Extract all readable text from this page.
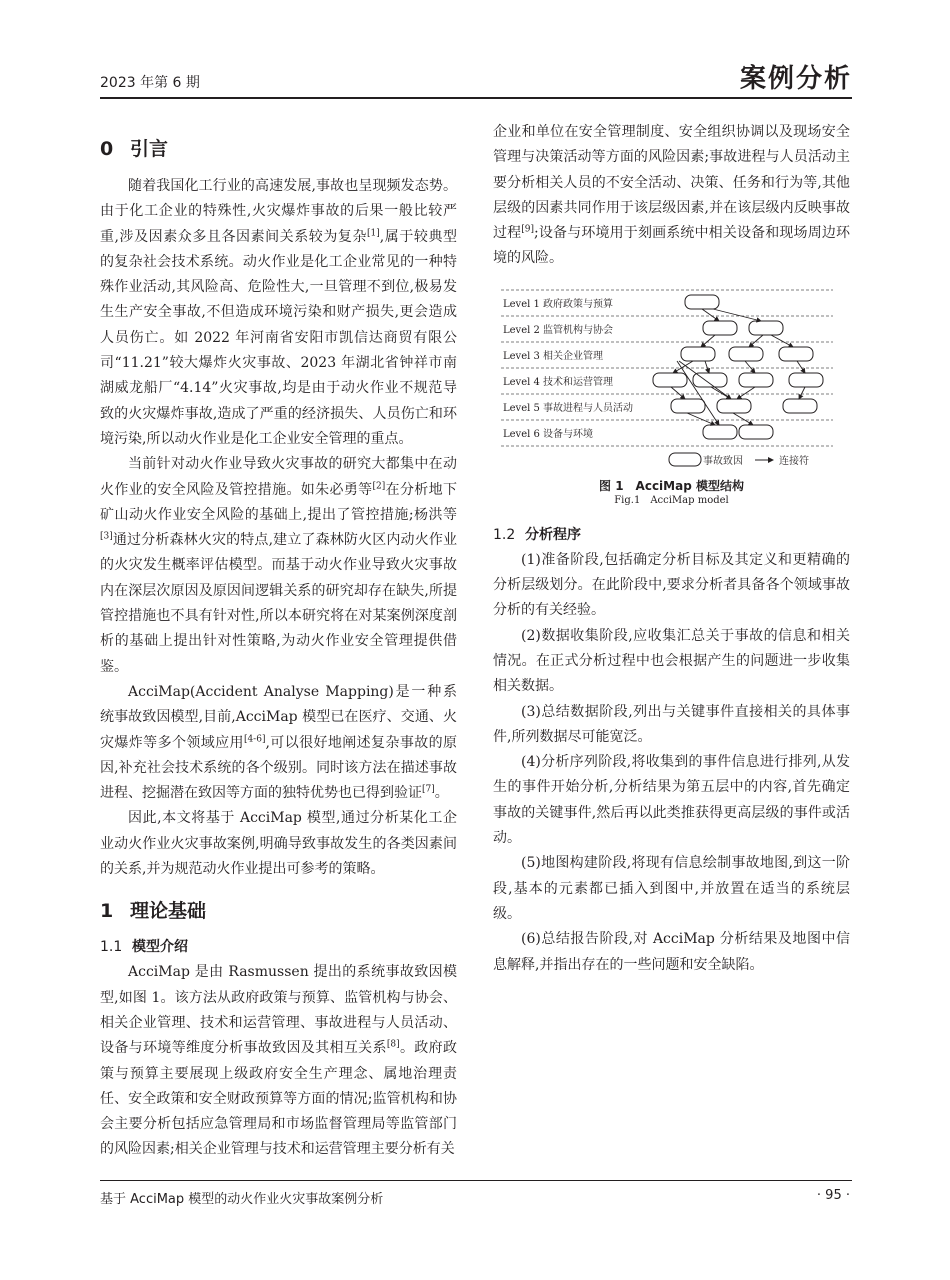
2023 年第 6 期	案例分析
0 引言

随着我国化工行业的高速发展,事故也呈现频发态势。由于化工企业的特殊性,火灾爆炸事故的后果一般比较严重,涉及因素众多且各因素间关系较为复杂[1],属于较典型的复杂社会技术系统。动火作业是化工企业常见的一种特殊作业活动,其风险高、危险性大,一旦管理不到位,极易发生生产安全事故,不但造成环境污染和财产损失,更会造成人员伤亡。如 2022 年河南省安阳市凯信达商贸有限公司“11.21”较大爆炸火灾事故、2023 年湖北省钟祥市南湖威龙船厂“4.14”火灾事故,均是由于动火作业不规范导致的火灾爆炸事故,造成了严重的经济损失、人员伤亡和环境污染,所以动火作业是化工企业安全管理的重点。

当前针对动火作业导致火灾事故的研究大都集中在动火作业的安全风险及管控措施。如朱必勇等[2]在分析地下矿山动火作业安全风险的基础上,提出了管控措施;杨洪等[3]通过分析森林火灾的特点,建立了森林防火区内动火作业的火灾发生概率评估模型。而基于动火作业导致火灾事故内在深层次原因及原因间逻辑关系的研究却存在缺失,所提管控措施也不具有针对性,所以本研究将在对某案例深度剖析的基础上提出针对性策略,为动火作业安全管理提供借鉴。

AcciMap(Accident Analyse Mapping)是一种系统事故致因模型,目前,AcciMap 模型已在医疗、交通、火灾爆炸等多个领域应用[4-6],可以很好地阐述复杂事故的原因,补充社会技术系统的各个级别。同时该方法在描述事故进程、挖掘潜在致因等方面的独特优势也已得到验证[7]。

因此,本文将基于 AcciMap 模型,通过分析某化工企业动火作业火灾事故案例,明确导致事故发生的各类因素间的关系,并为规范动火作业提出可参考的策略。

1 理论基础
1.1 模型介绍

AcciMap 是由 Rasmussen 提出的系统事故致因模型,如图 1。该方法从政府政策与预算、监管机构与协会、相关企业管理、技术和运营管理、事故进程与人员活动、设备与环境等维度分析事故致因及其相互关系[8]。政府政策与预算主要展现上级政府安全生产理念、属地治理责任、安全政策和安全财政预算等方面的情况;监管机构和协会主要分析包括应急管理局和市场监督管理局等监管部门的风险因素;相关企业管理与技术和运营管理主要分析有关

企业和单位在安全管理制度、安全组织协调以及现场安全管理与决策活动等方面的风险因素;事故进程与人员活动主要分析相关人员的不安全活动、决策、任务和行为等,其他层级的因素共同作用于该层级因素,并在该层级内反映事故过程[9];设备与环境用于刻画系统中相关设备和现场周边环境的风险。

Level 1 政府政策与预算
Level 2 监管机构与协会
Level 3 相关企业管理
Level 4 技术和运营管理
Level 5 事故进程与人员活动
Level 6 设备与环境
事故致因	连接符
图 1　AcciMap 模型结构
Fig.1　AcciMap model
1.2 分析程序

(1)准备阶段,包括确定分析目标及其定义和更精确的分析层级划分。在此阶段中,要求分析者具备各个领域事故分析的有关经验。

(2)数据收集阶段,应收集汇总关于事故的信息和相关情况。在正式分析过程中也会根据产生的问题进一步收集相关数据。

(3)总结数据阶段,列出与关键事件直接相关的具体事件,所列数据尽可能宽泛。

(4)分析序列阶段,将收集到的事件信息进行排列,从发生的事件开始分析,分析结果为第五层中的内容,首先确定事故的关键事件,然后再以此类推获得更高层级的事件或活动。

(5)地图构建阶段,将现有信息绘制事故地图,到这一阶段,基本的元素都已插入到图中,并放置在适当的系统层级。

(6)总结报告阶段,对 AcciMap 分析结果及地图中信息解释,并指出存在的一些问题和安全缺陷。

基于 AcciMap 模型的动火作业火灾事故案例分析	· 95 ·
